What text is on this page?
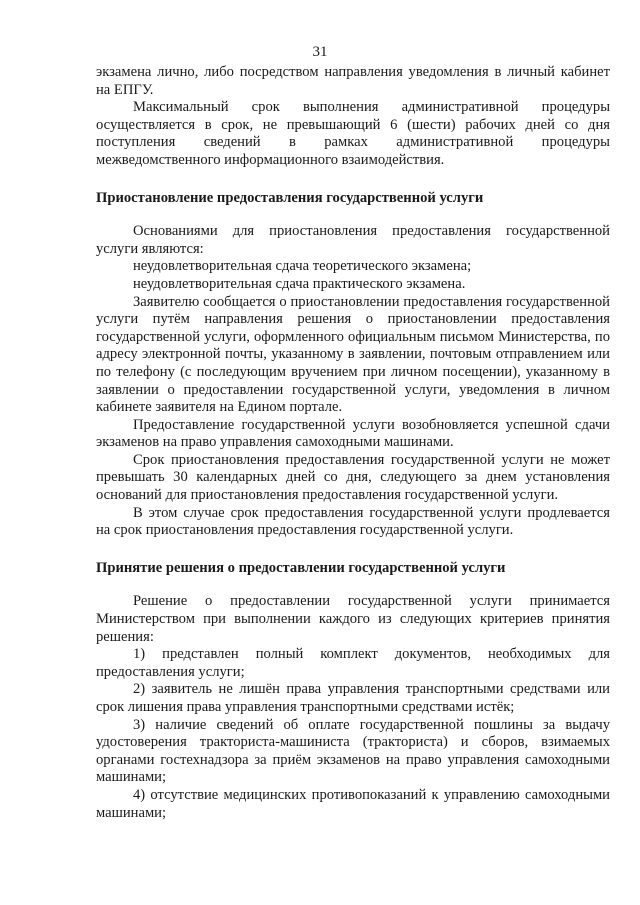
31

экзамена лично, либо посредством направления уведомления в личный кабинет на ЕПГУ.

Максимальный срок выполнения административной процедуры осуществляется в срок, не превышающий 6 (шести) рабочих дней со дня поступления сведений в рамках административной процедуры межведомственного информационного взаимодействия.

Приостановление предоставления государственной услуги

Основаниями для приостановления предоставления государственной услуги являются:

неудовлетворительная сдача теоретического экзамена;

неудовлетворительная сдача практического экзамена.

Заявителю сообщается о приостановлении предоставления государственной услуги путём направления решения о приостановлении предоставления государственной услуги, оформленного официальным письмом Министерства, по адресу электронной почты, указанному в заявлении, почтовым отправлением или по телефону (с последующим вручением при личном посещении), указанному в заявлении о предоставлении государственной услуги, уведомления в личном кабинете заявителя на Едином портале.

Предоставление государственной услуги возобновляется успешной сдачи экзаменов на право управления самоходными машинами.

Срок приостановления предоставления государственной услуги не может превышать 30 календарных дней со дня, следующего за днем установления оснований для приостановления предоставления государственной услуги.

В этом случае срок предоставления государственной услуги продлевается на срок приостановления предоставления государственной услуги.

Принятие решения о предоставлении государственной услуги

Решение о предоставлении государственной услуги принимается Министерством при выполнении каждого из следующих критериев принятия решения:

1) представлен полный комплект документов, необходимых для предоставления услуги;

2) заявитель не лишён права управления транспортными средствами или срок лишения права управления транспортными средствами истёк;

3) наличие сведений об оплате государственной пошлины за выдачу удостоверения тракториста-машиниста (тракториста) и сборов, взимаемых органами гостехнадзора за приём экзаменов на право управления самоходными машинами;

4) отсутствие медицинских противопоказаний к управлению самоходными машинами;
